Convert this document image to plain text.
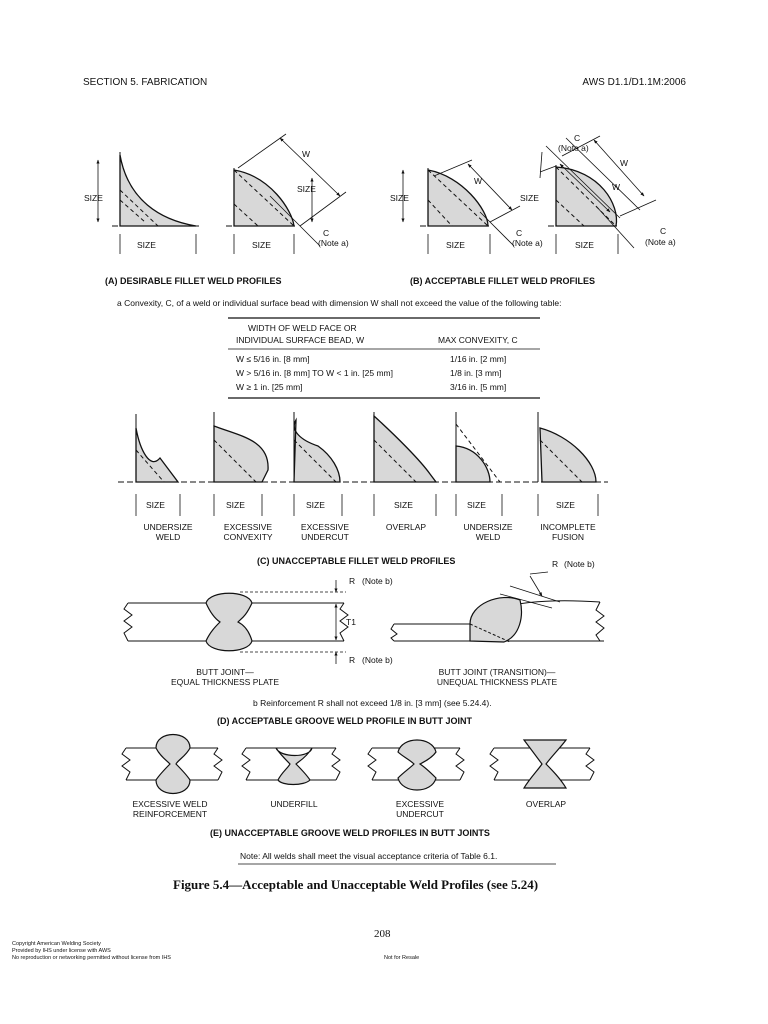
SECTION 5. FABRICATION	AWS D1.1/D1.1M:2006
SIZE
SIZE	SIZE
SIZE
W
C
(Note a)
SIZE
SIZE
W
C
(Note a)
SIZE
SIZE
C
(Note a)
W
W
C
(Note a)
(A) DESIRABLE FILLET WELD PROFILES	(B) ACCEPTABLE FILLET WELD PROFILES
a Convexity, C, of a weld or individual surface bead with dimension W shall not exceed the value of the following table:
WIDTH OF WELD FACE OR
INDIVIDUAL SURFACE BEAD, W	MAX CONVEXITY, C
W ≤ 5/16 in. [8 mm]	1/16 in. [2 mm]
W > 5/16 in. [8 mm] TO W < 1 in. [25 mm]	1/8 in. [3 mm]
W ≥ 1 in. [25 mm]	3/16 in. [5 mm]
SIZE	SIZE	SIZE	SIZE	SIZE	SIZE
UNDERSIZE
WELD
EXCESSIVE
CONVEXITY
EXCESSIVE
UNDERCUT
OVERLAP	UNDERSIZE
WELD
INCOMPLETE
FUSION
(C) UNACCEPTABLE FILLET WELD PROFILES
R (Note b)
R (Note b)
T1
R (Note b)
BUTT JOINT—
EQUAL THICKNESS PLATE
BUTT JOINT (TRANSITION)—
UNEQUAL THICKNESS PLATE
b Reinforcement R shall not exceed 1/8 in. [3 mm] (see 5.24.4).
(D) ACCEPTABLE GROOVE WELD PROFILE IN BUTT JOINT
EXCESSIVE WELD
REINFORCEMENT
UNDERFILL	EXCESSIVE
UNDERCUT
OVERLAP
(E) UNACCEPTABLE GROOVE WELD PROFILES IN BUTT JOINTS
Note: All welds shall meet the visual acceptance criteria of Table 6.1.
Figure 5.4—Acceptable and Unacceptable Weld Profiles (see 5.24)
208
Copyright American Welding Society
Provided by IHS under license with AWS
No reproduction or networking permitted without license from IHS	Not for Resale
